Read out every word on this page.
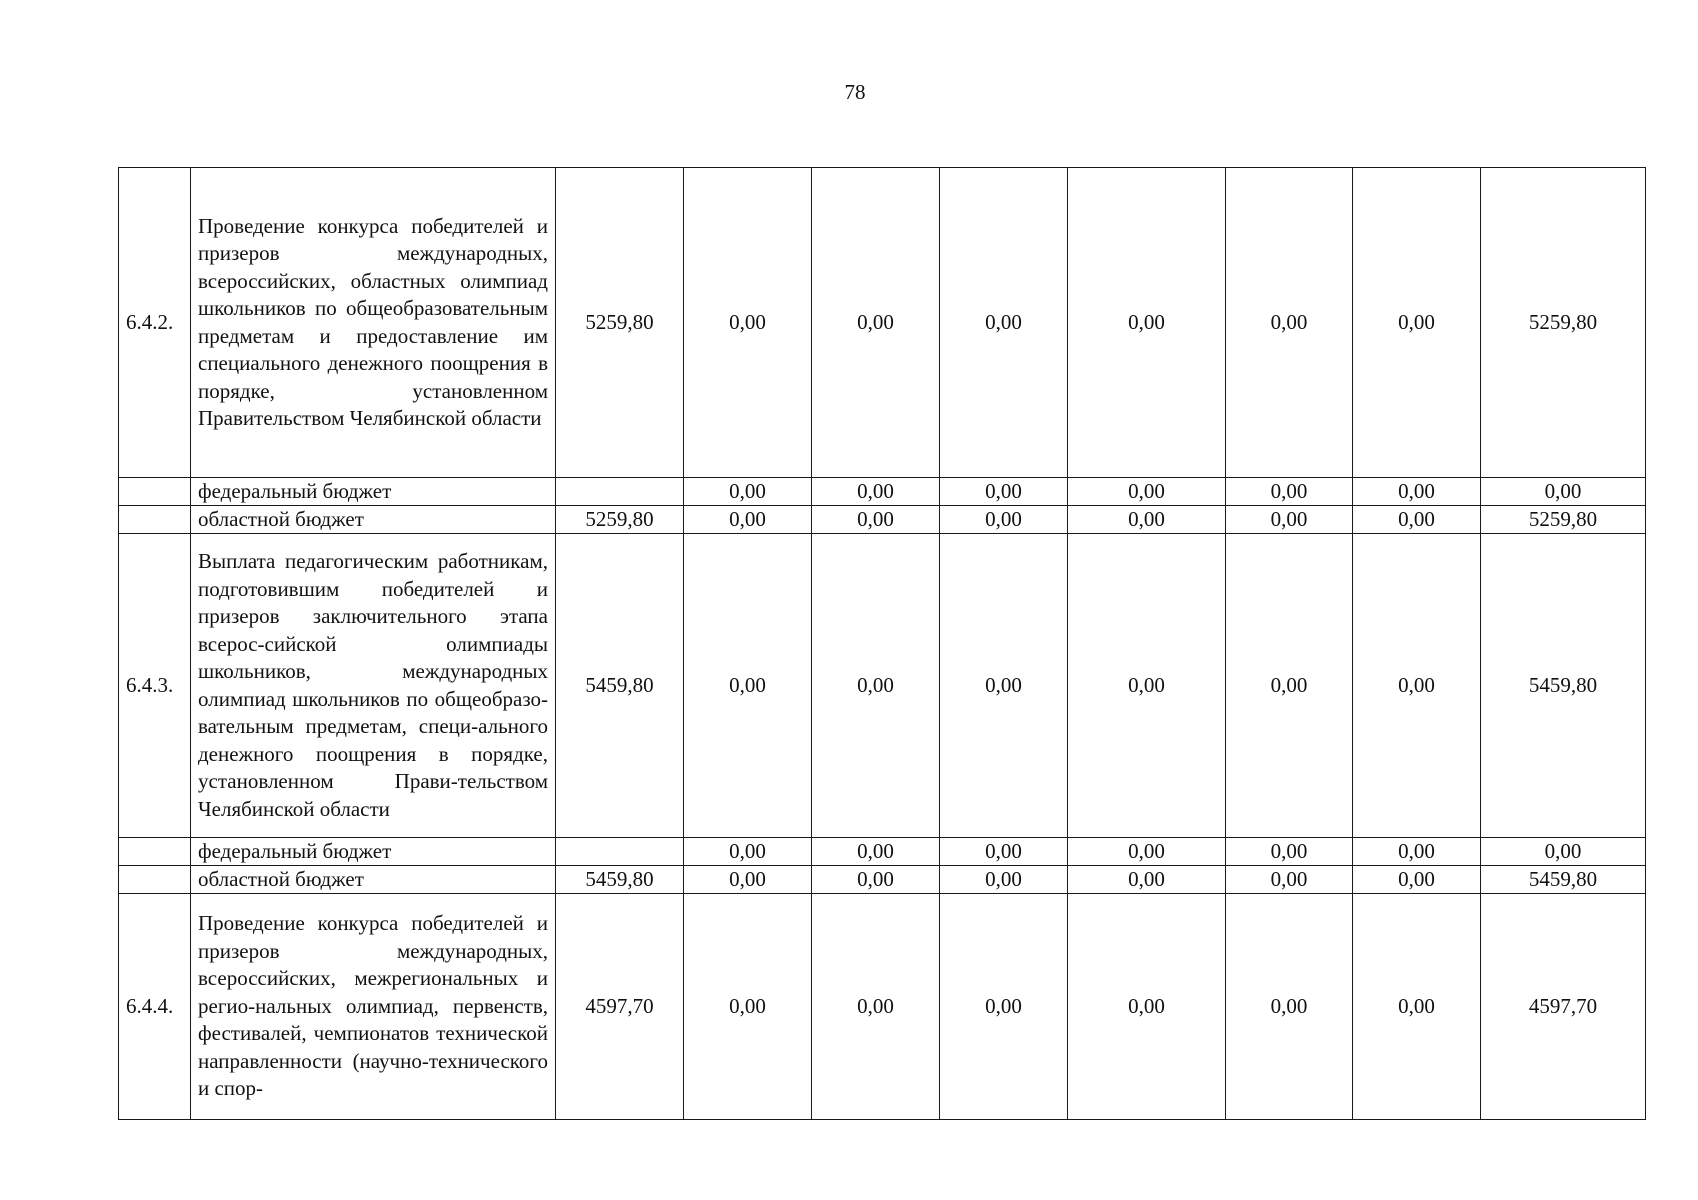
78
6.4.2.	Проведение конкурса победителей и призеров международных, всероссийских, областных олимпиад школьников по общеобразовательным предметам и предоставление им специального денежного поощрения в порядке, установленном Правительством Челябинской области	5259,80	0,00	0,00	0,00	0,00	0,00	0,00	5259,80
	федеральный бюджет		0,00	0,00	0,00	0,00	0,00	0,00	0,00
	областной бюджет	5259,80	0,00	0,00	0,00	0,00	0,00	0,00	5259,80
6.4.3.	Выплата педагогическим работникам, подготовившим победителей и призеров заключительного этапа всерос-сийской олимпиады школьников, международных олимпиад школьников по общеобразо-вательным предметам, специ-ального денежного поощрения в порядке, установленном Прави-тельством Челябинской области	5459,80	0,00	0,00	0,00	0,00	0,00	0,00	5459,80
	федеральный бюджет		0,00	0,00	0,00	0,00	0,00	0,00	0,00
	областной бюджет	5459,80	0,00	0,00	0,00	0,00	0,00	0,00	5459,80
6.4.4.	Проведение конкурса победителей и призеров международных, всероссийских, межрегиональных и регио-нальных олимпиад, первенств, фестивалей, чемпионатов технической направленности (научно-технического и спор-	4597,70	0,00	0,00	0,00	0,00	0,00	0,00	4597,70
